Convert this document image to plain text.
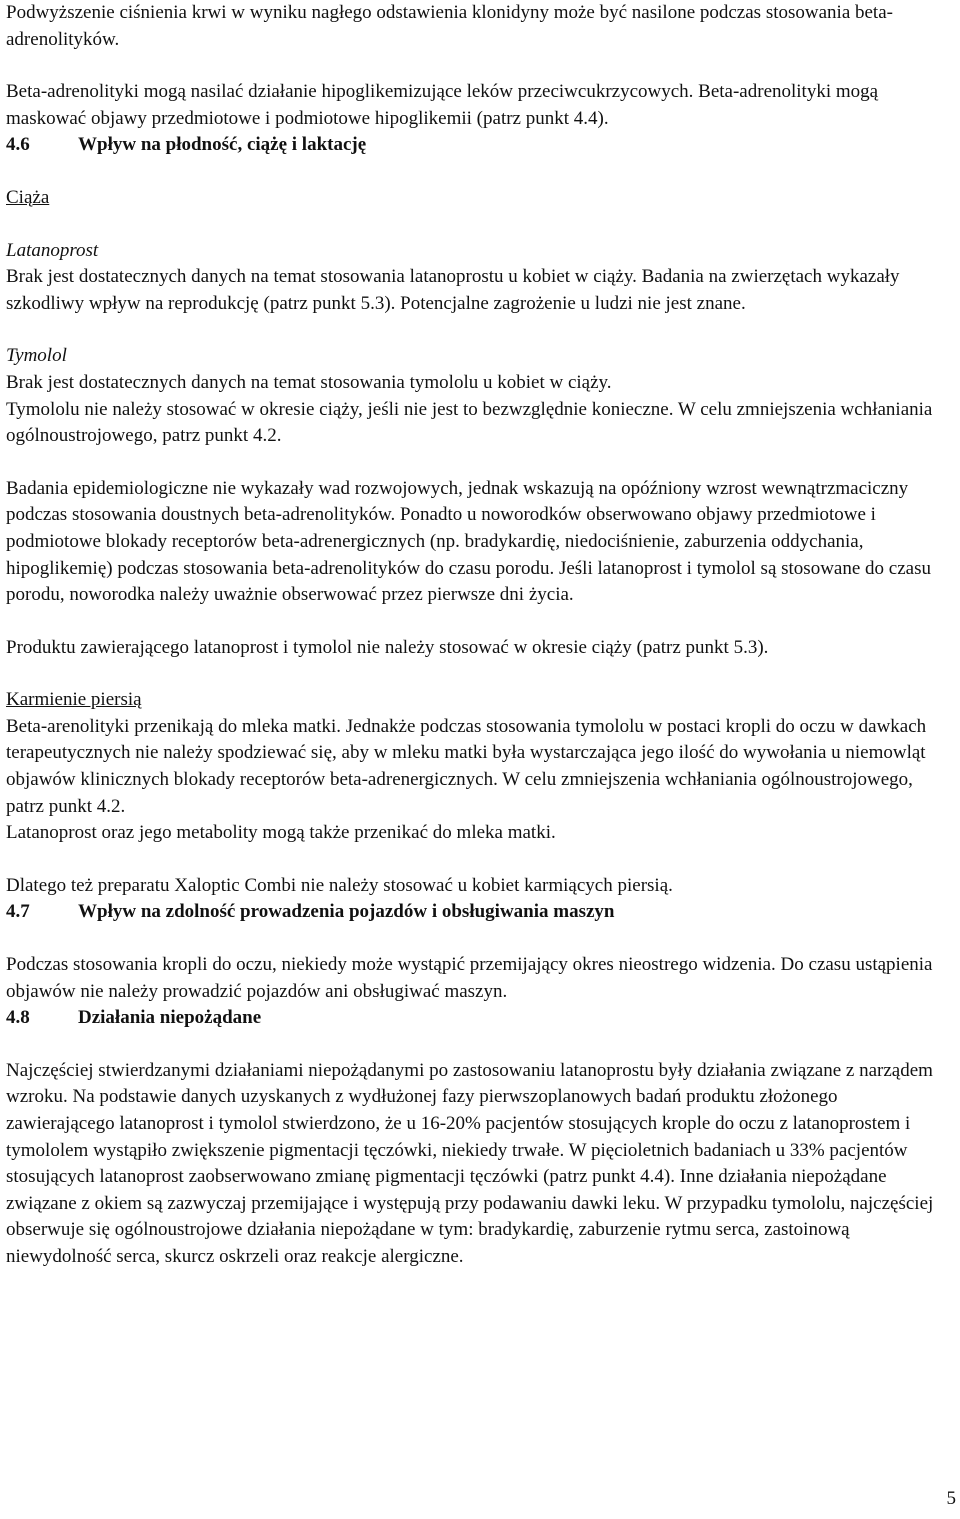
Podwyższenie ciśnienia krwi w wyniku nagłego odstawienia klonidyny może być nasilone podczas stosowania beta-adrenolityków.

Beta-adrenolityki mogą nasilać działanie hipoglikemizujące leków przeciwcukrzycowych. Beta-adrenolityki mogą maskować objawy przedmiotowe i podmiotowe hipoglikemii (patrz punkt 4.4).

4.6	Wpływ na płodność, ciążę i laktację

Ciąża

Latanoprost

Brak jest dostatecznych danych na temat stosowania latanoprostu u kobiet w ciąży. Badania na zwierzętach wykazały szkodliwy wpływ na reprodukcję (patrz punkt 5.3). Potencjalne zagrożenie u ludzi nie jest znane.

Tymolol

Brak jest dostatecznych danych na temat stosowania tymololu u kobiet w ciąży.

Tymololu nie należy stosować w okresie ciąży, jeśli nie jest to bezwzględnie konieczne. W celu zmniejszenia wchłaniania ogólnoustrojowego, patrz punkt 4.2.

Badania epidemiologiczne nie wykazały wad rozwojowych, jednak wskazują na opóźniony wzrost wewnątrzmaciczny podczas stosowania doustnych beta-adrenolityków. Ponadto u noworodków obserwowano objawy przedmiotowe i podmiotowe blokady receptorów beta-adrenergicznych (np. bradykardię, niedociśnienie, zaburzenia oddychania, hipoglikemię) podczas stosowania beta-adrenolityków do czasu porodu. Jeśli latanoprost i tymolol są stosowane do czasu porodu, noworodka należy uważnie obserwować przez pierwsze dni życia.

Produktu zawierającego latanoprost i tymolol nie należy stosować w okresie ciąży (patrz punkt 5.3).

Karmienie piersią

Beta-arenolityki przenikają do mleka matki. Jednakże podczas stosowania tymololu w postaci kropli do oczu w dawkach terapeutycznych nie należy spodziewać się, aby w mleku matki była wystarczająca jego ilość do wywołania u niemowląt objawów klinicznych blokady receptorów beta-adrenergicznych. W celu zmniejszenia wchłaniania ogólnoustrojowego, patrz punkt 4.2.

Latanoprost oraz jego metabolity mogą także przenikać do mleka matki.

Dlatego też preparatu Xaloptic Combi nie należy stosować u kobiet karmiących piersią.

4.7	Wpływ na zdolność prowadzenia pojazdów i obsługiwania maszyn

Podczas stosowania kropli do oczu, niekiedy może wystąpić przemijający okres nieostrego widzenia. Do czasu ustąpienia objawów nie należy prowadzić pojazdów ani obsługiwać maszyn.

4.8	Działania niepożądane

Najczęściej stwierdzanymi działaniami niepożądanymi po zastosowaniu latanoprostu były działania związane z narządem wzroku. Na podstawie danych uzyskanych z wydłużonej fazy pierwszoplanowych badań produktu złożonego zawierającego latanoprost i tymolol stwierdzono, że u 16-20% pacjentów stosujących krople do oczu z latanoprostem i tymololem wystąpiło zwiększenie pigmentacji tęczówki, niekiedy trwałe. W pięcioletnich badaniach u 33% pacjentów stosujących latanoprost zaobserwowano zmianę pigmentacji tęczówki (patrz punkt 4.4). Inne działania niepożądane związane z okiem są zazwyczaj przemijające i występują przy podawaniu dawki leku. W przypadku tymololu, najczęściej obserwuje się ogólnoustrojowe działania niepożądane w tym: bradykardię, zaburzenie rytmu serca, zastoinową niewydolność serca, skurcz oskrzeli oraz reakcje alergiczne.

5
